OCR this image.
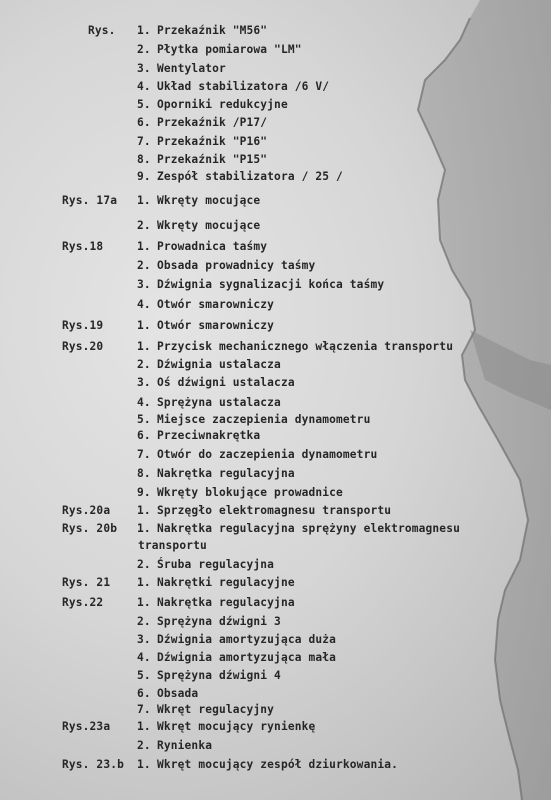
Rys. 1. Przekaźnik "M56"
2. Płytka pomiarowa "LM"
3. Wentylator
4. Układ stabilizatora /6 V/
5. Oporniki redukcyjne
6. Przekaźnik /P17/
7. Przekaźnik "P16"
8. Przekaźnik "P15"
9. Zespół stabilizatora / 25 /
Rys. 17a 1. Wkręty mocujące
2. Wkręty mocujące
Rys.18	1. Prowadnica taśmy
2. Obsada prowadnicy taśmy
3. Dźwignia sygnalizacji końca taśmy
4. Otwór smarowniczy
Rys.19	1. Otwór smarowniczy
Rys.20	1. Przycisk mechanicznego włączenia transportu
2. Dźwignia ustalacza
3. Oś dźwigni ustalacza
4. Sprężyna ustalacza
5. Miejsce zaczepienia dynamometru
6. Przeciwnakrętka
7. Otwór do zaczepienia dynamometru
8. Nakrętka regulacyjna
9. Wkręty blokujące prowadnice
Rys.20a 1. Sprzęgło elektromagnesu transportu
Rys. 20b 1. Nakrętka regulacyjna sprężyny elektromagnesu
transportu
2. Śruba regulacyjna
Rys. 21 1. Nakrętki regulacyjne
Rys.22	1. Nakrętka regulacyjna
2. Sprężyna dźwigni 3
3. Dźwignia amortyzująca duża
4. Dźwignia amortyzująca mała
5. Sprężyna dźwigni 4
6. Obsada
7. Wkręt regulacyjny
Rys.23a 1. Wkręt mocujący rynienkę
2. Rynienka
Rys. 23.b 1. Wkręt mocujący zespół dziurkowania.
